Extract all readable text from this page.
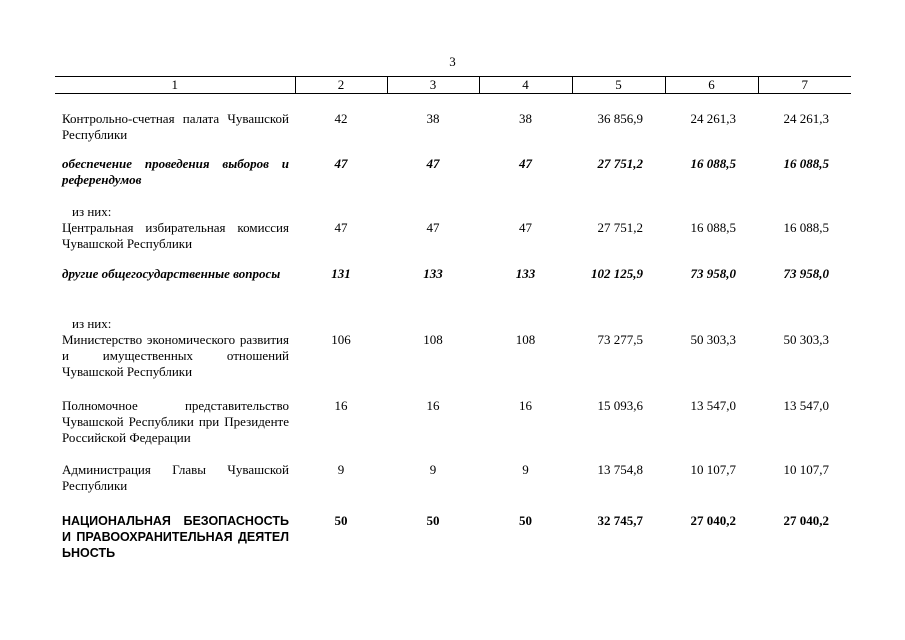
3
1	2	3	4	5	6	7

Контрольно-счетная палата Чувашской Республики	42	38	38	36 856,9	24 261,3	24 261,3

обеспечение проведения выборов и референдумов	47	47	47	27 751,2	16 088,5	16 088,5

из них:
Центральная избирательная комиссия Чувашской Республики	47	47	47	27 751,2	16 088,5	16 088,5

другие общегосударственные вопросы	131	133	133	102 125,9	73 958,0	73 958,0

из них:
Министерство экономического развития и имущественных отношений Чувашской Республики	106	108	108	73 277,5	50 303,3	50 303,3

Полномочное представительство Чувашской Республики при Президенте Российской Федерации	16	16	16	15 093,6	13 547,0	13 547,0

Администрация Главы Чувашской Республики	9	9	9	13 754,8	10 107,7	10 107,7

НАЦИОНАЛЬНАЯ БЕЗОПАСНОСТЬ И ПРАВООХРАНИТЕЛЬНАЯ ДЕЯТЕЛЬНОСТЬ	50	50	50	32 745,7	27 040,2	27 040,2
